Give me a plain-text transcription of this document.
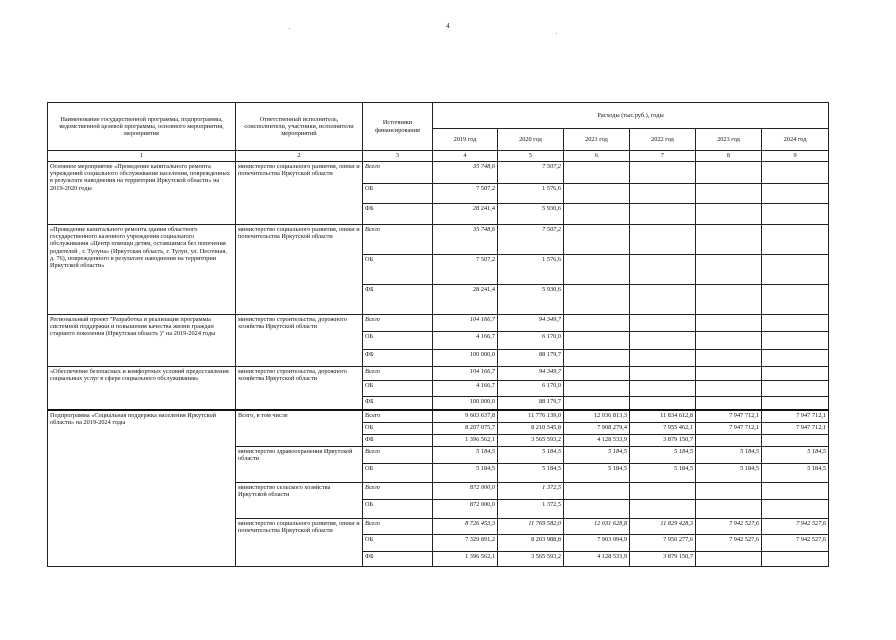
4
Наименование государственной программы, подпрограммы, ведомственной целевой программы, основного мероприятия, мероприятия	Ответственный исполнитель, соисполнители, участники, исполнители мероприятий	Источники финансирования	Расходы (тыс.руб.), годы					
			2019 год	2020 год	2021 год	2022 год	2023 год	2024 год
1	2	3	4	5	6	7	8	9
Основное мероприятие «Проведение капитального ремонта учреждений социального обслуживания населения, поврежденных в результате наводнения на территории Иркутской области» на 2019-2020 годы	министерство социального развития, опеки и попечительства Иркутской области	Всего	35 748,6	7 507,2				
		ОБ	7 507,2	1 576,6				
		ФБ	28 241,4	5 930,6				
«Проведение капитального ремонта здания областного государственного казенного учреждения социального обслуживания «Центр помощи детям, оставшимся без попечения родителей , г. Тулуна» (Иркутская область, г. Тулун, ул. Песочная, д. 76), поврежденного в результате наводнения на территории Иркутской области»	министерство социального развития, опеки и попечительства Иркутской области	Всего	35 748,6	7 507,2				
		ОБ	7 507,2	1 576,6				
		ФБ	28 241,4	5 930,6				
Региональный проект "Разработка и реализация программы системной поддержки и повышения качества жизни граждан старшего поколения (Иркутская область )" на 2019-2024 годы	министерство строительства, дорожного хозяйства Иркутской области	Всего	104 166,7	94 349,7				
		ОБ	4 166,7	6 170,0				
		ФБ	100 000,0	88 179,7				
«Обеспечение безопасных и комфортных условий предоставления социальных услуг в сфере социального обслуживания»	министерство строительства, дорожного хозяйства Иркутской области	Всего	104 166,7	94 349,7				
		ОБ	4 166,7	6 170,0				
		ФБ	100 000,0	88 179,7				
Подпрограмма «Социальная поддержка населения Иркутской области» на 2019-2024 годы	Всего, в том числе	Всего	9 603 637,8	11 776 139,0	12 036 813,3	11 834 612,8	7 947 712,1	7 947 712,1
		ОБ	8 207 075,7	8 210 545,8	7 908 279,4	7 955 462,1	7 947 712,1	7 947 712,1
		ФБ	1 396 562,1	3 565 593,2	4 128 533,9	3 879 150,7		
	министерство здравоохранения Иркутской области	Всего	5 184,5	5 184,5	5 184,5	5 184,5	5 184,5	5 184,5
		ОБ	5 184,5	5 184,5	5 184,5	5 184,5	5 184,5	5 184,5
	министерство сельского хозяйства Иркутской области	Всего	872 000,0	1 372,5				
		ОБ	872 000,0	1 372,5				
	министерство социального развития, опеки и попечительства Иркутской области	Всего	8 726 453,3	11 769 582,0	12 031 628,8	11 829 428,3	7 942 527,6	7 942 527,6
		ОБ	7 329 891,2	8 203 988,8	7 903 094,9	7 950 277,6	7 942 527,6	7 942 527,6
		ФБ	1 396 562,1	3 565 593,2	4 128 533,9	3 879 150,7		
